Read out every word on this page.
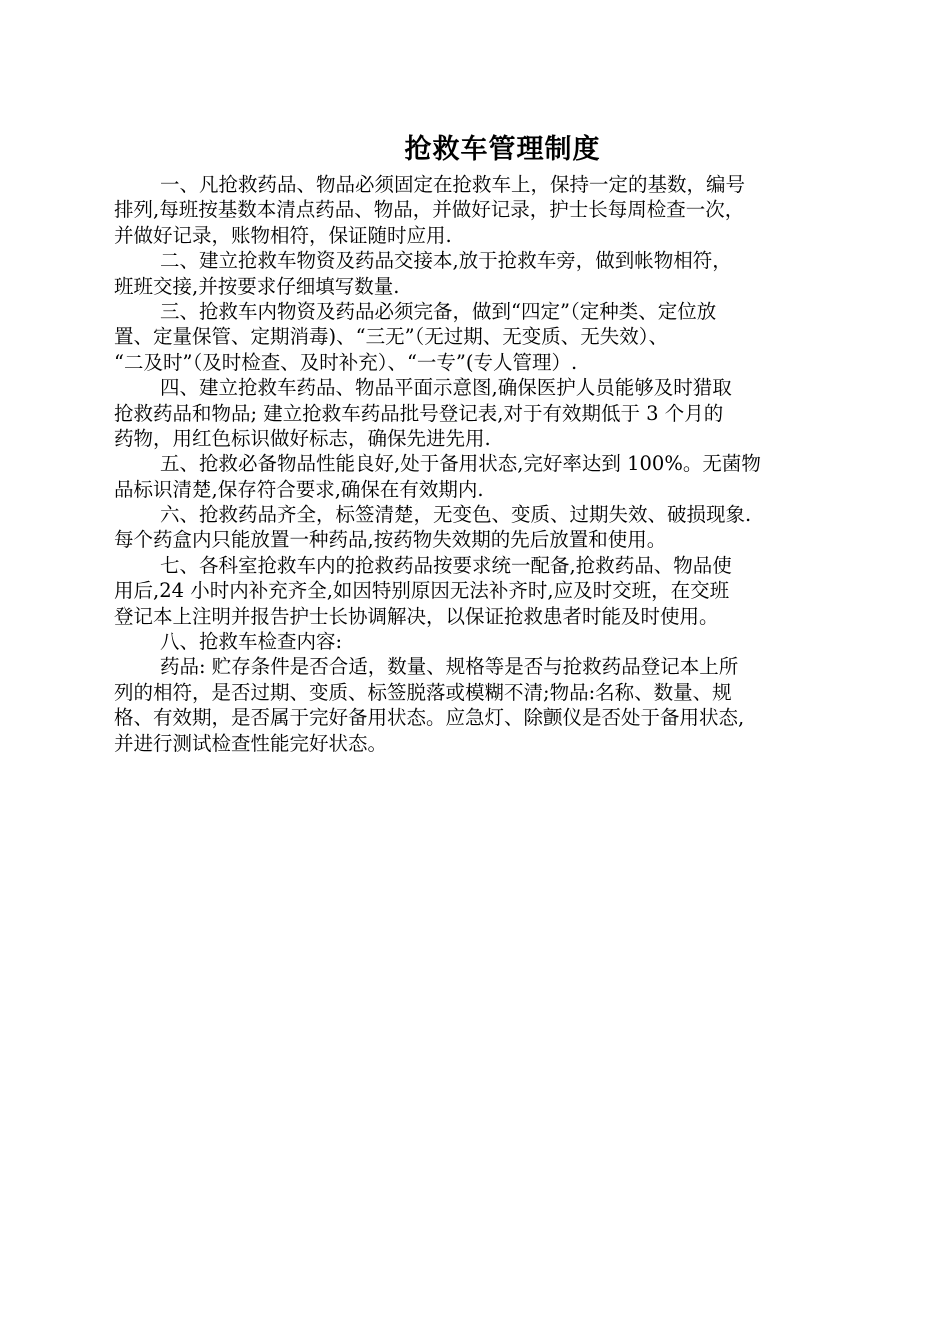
抢救车管理制度
一、凡抢救药品、物品必须固定在抢救车上，保持一定的基数，编号
排列,每班按基数本清点药品、物品，并做好记录，护士长每周检查一次，
并做好记录，账物相符，保证随时应用.
二、建立抢救车物资及药品交接本,放于抢救车旁，做到帐物相符，
班班交接,并按要求仔细填写数量.
三、抢救车内物资及药品必须完备，做到“四定”（定种类、定位放
置、定量保管、定期消毒)、“三无”（无过期、无变质、无失效）、
“二及时”（及时检查、及时补充）、“一专”(专人管理）.
四、建立抢救车药品、物品平面示意图,确保医护人员能够及时猎取
抢救药品和物品; 建立抢救车药品批号登记表,对于有效期低于 3 个月的
药物，用红色标识做好标志，确保先进先用.
五、抢救必备物品性能良好,处于备用状态,完好率达到 100%。无菌物
品标识清楚,保存符合要求,确保在有效期内.
六、抢救药品齐全，标签清楚，无变色、变质、过期失效、破损现象.
每个药盒内只能放置一种药品,按药物失效期的先后放置和使用。
七、各科室抢救车内的抢救药品按要求统一配备,抢救药品、物品使
用后,24 小时内补充齐全,如因特别原因无法补齐时,应及时交班，在交班
登记本上注明并报告护士长协调解决，以保证抢救患者时能及时使用。
八、抢救车检查内容:
药品: 贮存条件是否合适，数量、规格等是否与抢救药品登记本上所
列的相符，是否过期、变质、标签脱落或模糊不清;物品:名称、数量、规
格、有效期，是否属于完好备用状态。应急灯、除颤仪是否处于备用状态,
并进行测试检查性能完好状态。
